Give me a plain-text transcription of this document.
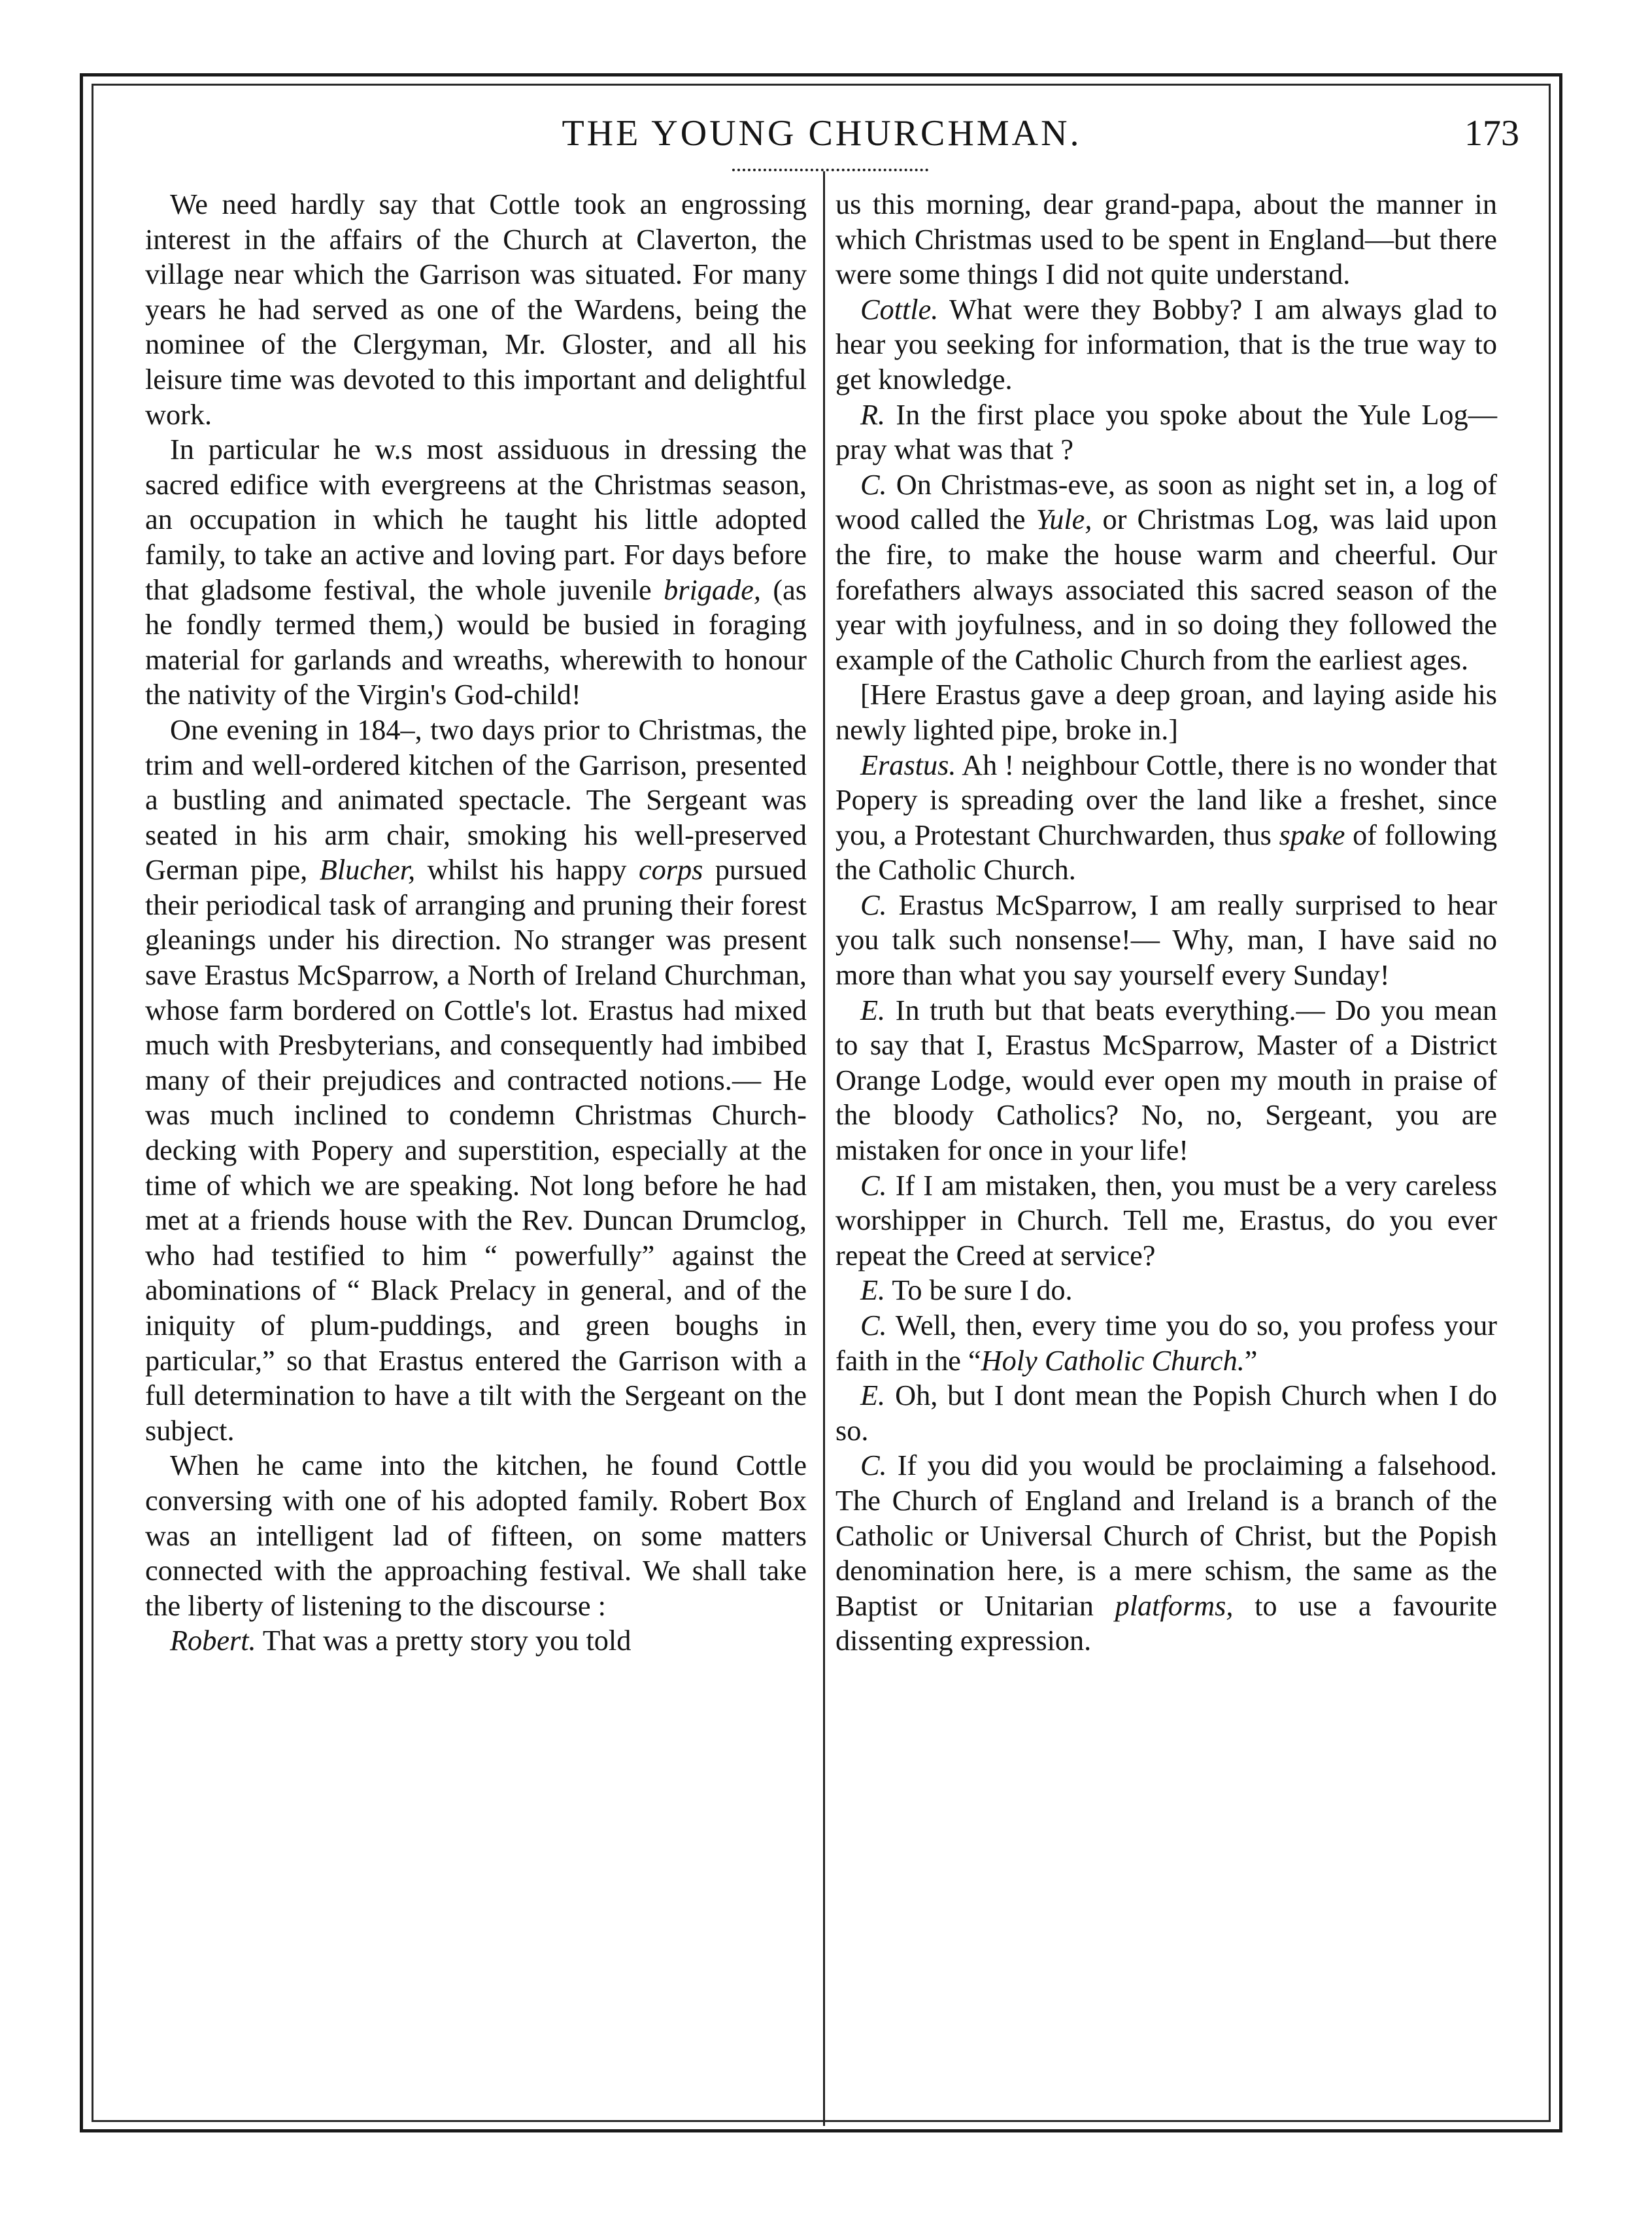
THE YOUNG CHURCHMAN.	173

We need hardly say that Cottle took an engrossing interest in the affairs of the Church at Claverton, the village near which the Garrison was situated. For many years he had served as one of the Wardens, being the nominee of the Clergyman, Mr. Gloster, and all his leisure time was devoted to this important and delightful work.

In particular he w.s most assiduous in dressing the sacred edifice with evergreens at the Christmas season, an occupation in which he taught his little adopted family, to take an active and loving part. For days before that gladsome festival, the whole juvenile brigade, (as he fondly termed them,) would be busied in foraging material for garlands and wreaths, wherewith to honour the nativity of the Virgin's God-child!

One evening in 184–, two days prior to Christmas, the trim and well-ordered kitchen of the Garrison, presented a bustling and animated spectacle. The Sergeant was seated in his arm chair, smoking his well-preserved German pipe, Blucher, whilst his happy corps pursued their periodical task of arranging and pruning their forest gleanings under his direction. No stranger was present save Erastus McSparrow, a North of Ireland Churchman, whose farm bordered on Cottle's lot. Erastus had mixed much with Presbyterians, and consequently had imbibed many of their prejudices and contracted notions.— He was much inclined to condemn Christmas Church-decking with Popery and superstition, especially at the time of which we are speaking. Not long before he had met at a friends house with the Rev. Duncan Drumclog, who had testified to him “ powerfully” against the abominations of “ Black Prelacy in general, and of the iniquity of plum-puddings, and green boughs in particular,” so that Erastus entered the Garrison with a full determination to have a tilt with the Sergeant on the subject.

When he came into the kitchen, he found Cottle conversing with one of his adopted family. Robert Box was an intelligent lad of fifteen, on some matters connected with the approaching festival. We shall take the liberty of listening to the discourse :

Robert. That was a pretty story you told

us this morning, dear grand-papa, about the manner in which Christmas used to be spent in England—but there were some things I did not quite understand.

Cottle. What were they Bobby? I am always glad to hear you seeking for information, that is the true way to get knowledge.

R. In the first place you spoke about the Yule Log—pray what was that ?

C. On Christmas-eve, as soon as night set in, a log of wood called the Yule, or Christmas Log, was laid upon the fire, to make the house warm and cheerful. Our forefathers always associated this sacred season of the year with joyfulness, and in so doing they followed the example of the Catholic Church from the earliest ages.

[Here Erastus gave a deep groan, and laying aside his newly lighted pipe, broke in.]

Erastus. Ah ! neighbour Cottle, there is no wonder that Popery is spreading over the land like a freshet, since you, a Protestant Churchwarden, thus spake of following the Catholic Church.

C. Erastus McSparrow, I am really surprised to hear you talk such nonsense!— Why, man, I have said no more than what you say yourself every Sunday!

E. In truth but that beats everything.— Do you mean to say that I, Erastus McSparrow, Master of a District Orange Lodge, would ever open my mouth in praise of the bloody Catholics? No, no, Sergeant, you are mistaken for once in your life!

C. If I am mistaken, then, you must be a very careless worshipper in Church. Tell me, Erastus, do you ever repeat the Creed at service?

E. To be sure I do.

C. Well, then, every time you do so, you profess your faith in the “Holy Catholic Church.”

E. Oh, but I dont mean the Popish Church when I do so.

C. If you did you would be proclaiming a falsehood. The Church of England and Ireland is a branch of the Catholic or Universal Church of Christ, but the Popish denomination here, is a mere schism, the same as the Baptist or Unitarian platforms, to use a favourite dissenting expression.
